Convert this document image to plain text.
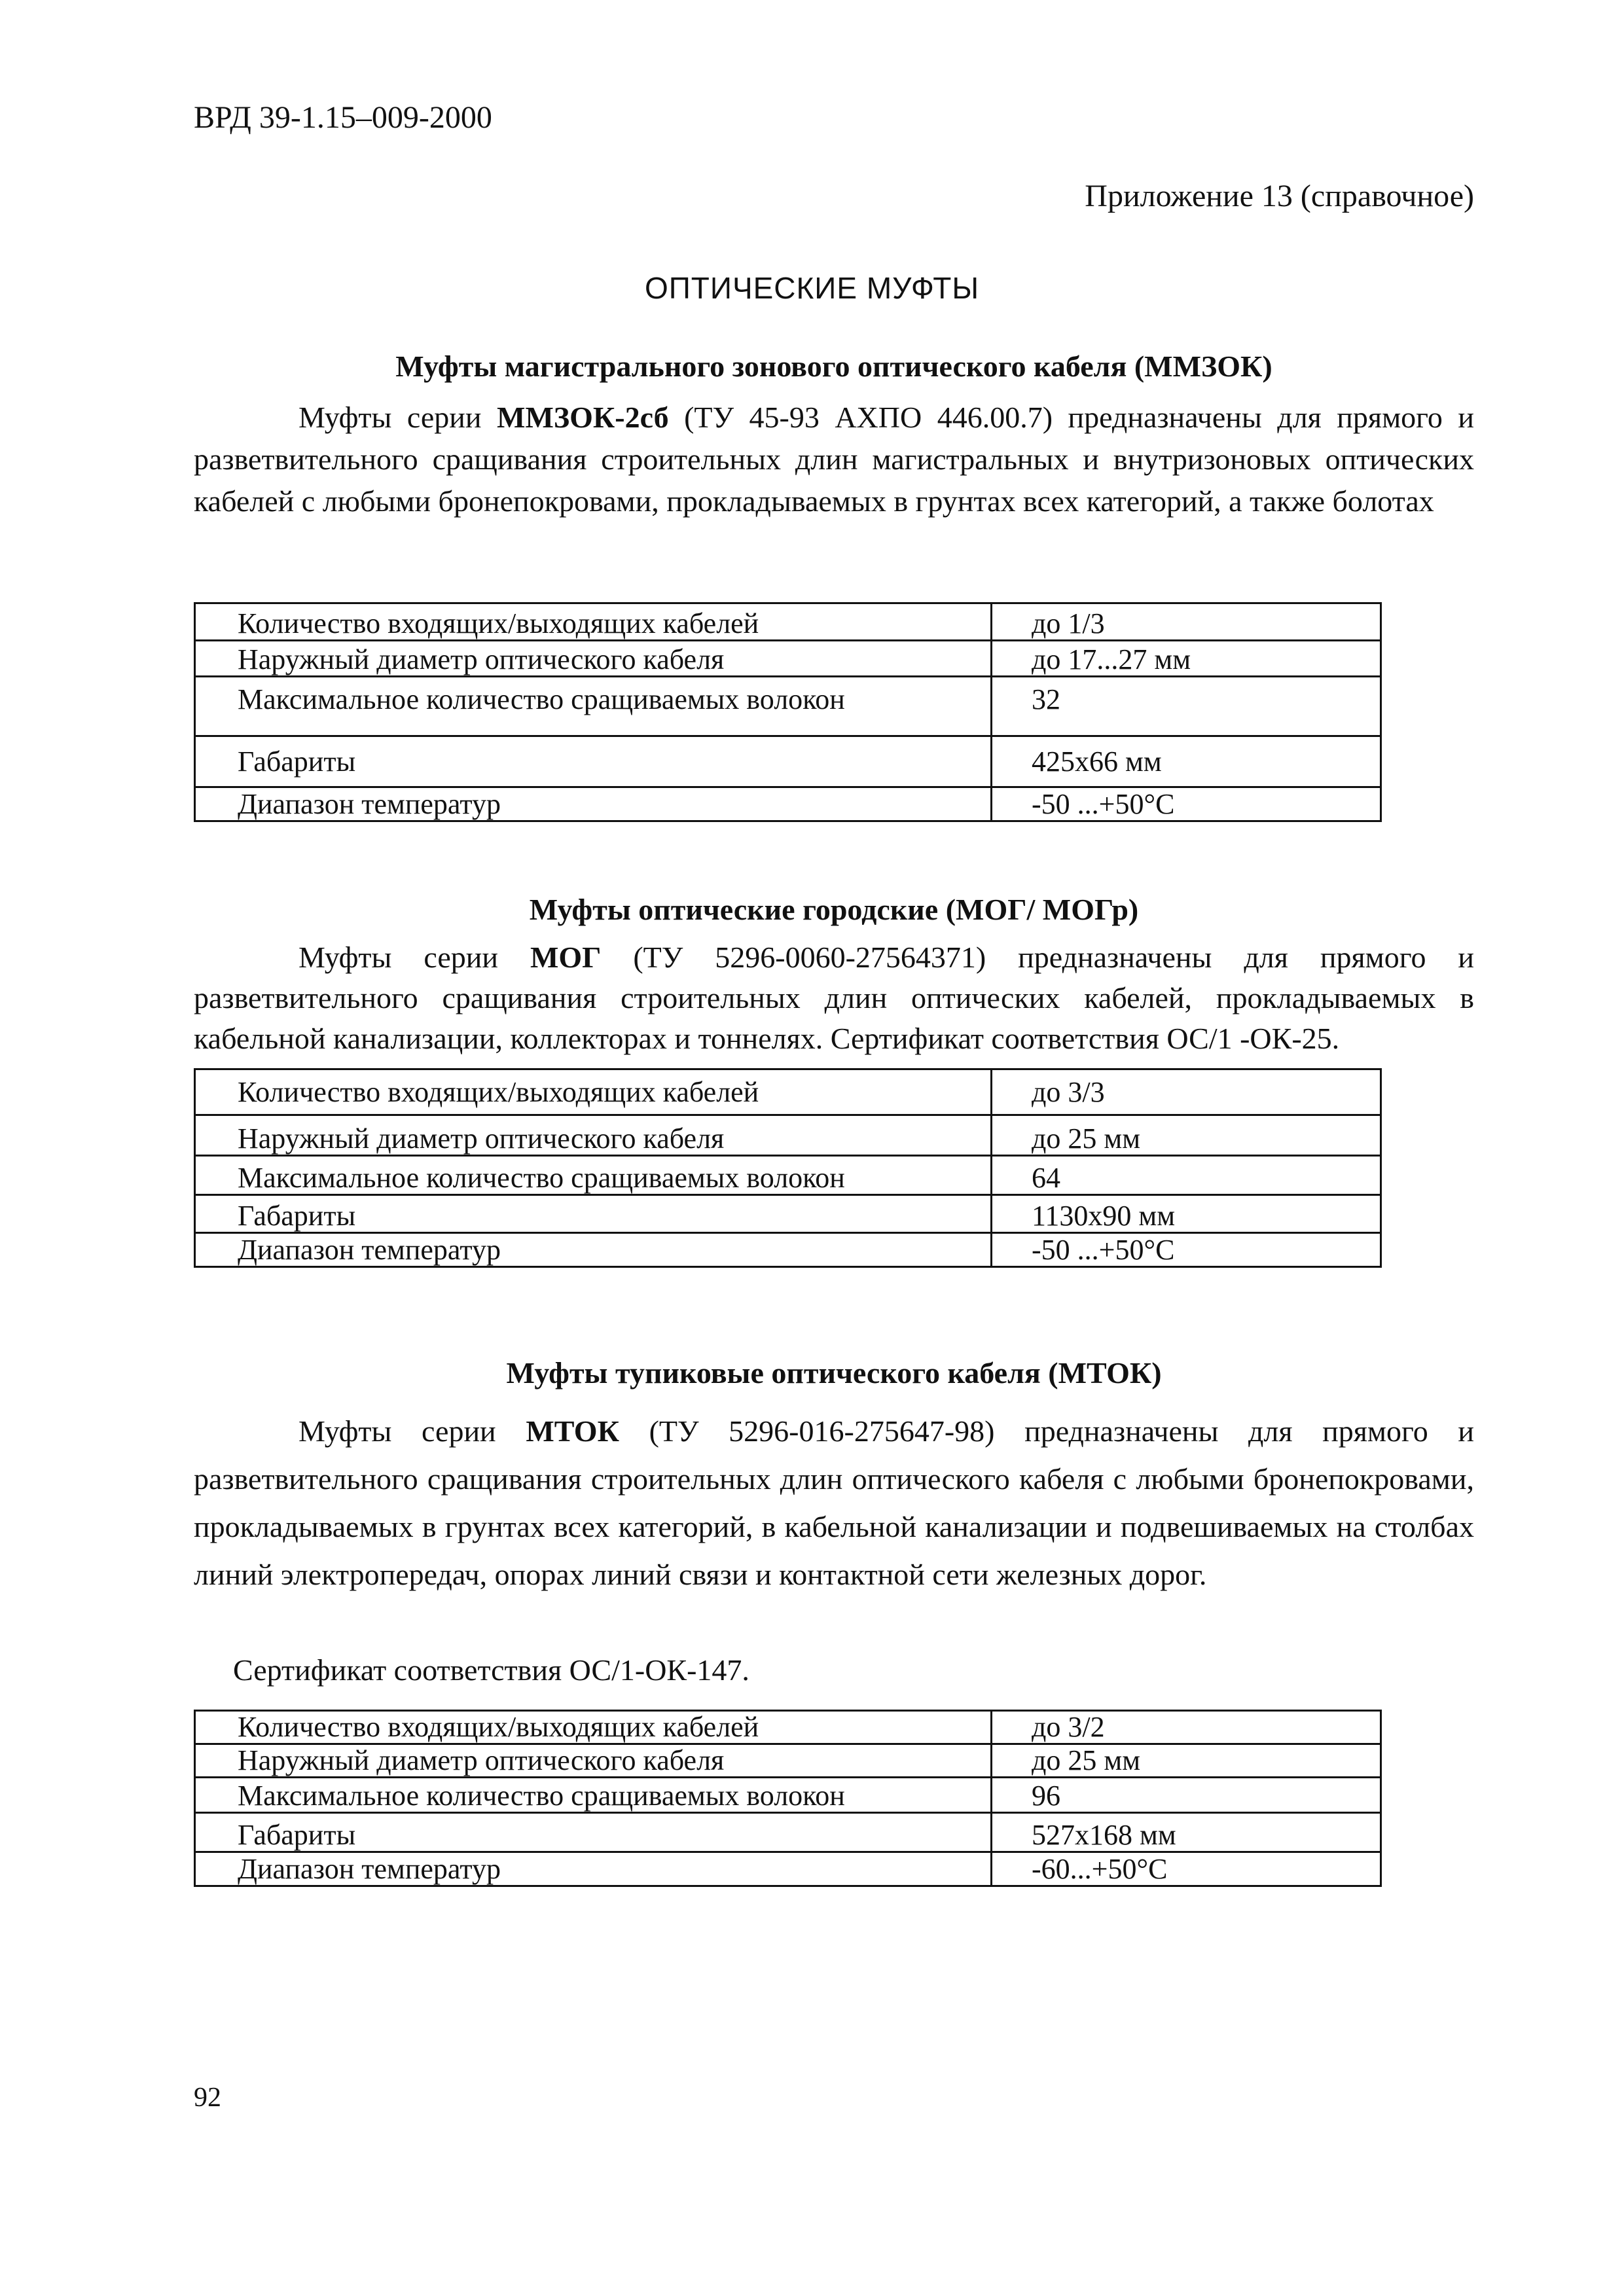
ВРД 39-1.15–009-2000
Приложение 13 (справочное)
ОПТИЧЕСКИЕ МУФТЫ
Муфты магистрального зонового оптического кабеля (ММЗОК)

Муфты серии ММЗОК-2сб (ТУ 45-93 АХПО 446.00.7) предназначены для прямого и разветвительного сращивания строительных длин магистральных и внутризоновых оптических кабелей с любыми бронепокровами, прокладываемых в грунтах всех категорий, а также болотах

Количество входящих/выходящих кабелей	до 1/3
Наружный диаметр оптического кабеля	до 17...27 мм
Максимальное количество сращиваемых волокон	32
Габариты	425х66 мм
Диапазон температур	-50 ...+50°С
Муфты оптические городские (МОГ/ МОГр)

Муфты серии МОГ (ТУ 5296-0060-27564371) предназначены для прямого и разветвительного сращивания строительных длин оптических кабелей, прокладываемых в кабельной канализации, коллекторах и тоннелях. Сертификат соответствия ОС/1 -ОК-25.

Количество входящих/выходящих кабелей	до 3/3
Наружный диаметр оптического кабеля	до 25 мм
Максимальное количество сращиваемых волокон	64
Габариты	1130х90 мм
Диапазон температур	-50 ...+50°С
Муфты тупиковые оптического кабеля (МТОК)

Муфты серии МТОК (ТУ 5296-016-275647-98) предназначены для прямого и разветвительного сращивания строительных длин оптического кабеля с любыми бронепокровами, прокладываемых в грунтах всех категорий, в кабельной канализации и подвешиваемых на столбах линий электропередач, опорах линий связи и контактной сети железных дорог.

Сертификат соответствия ОС/1-ОК-147.
Количество входящих/выходящих кабелей	до 3/2
Наружный диаметр оптического кабеля	до 25 мм
Максимальное количество сращиваемых волокон	96
Габариты	527х168 мм
Диапазон температур	-60...+50°С
92
